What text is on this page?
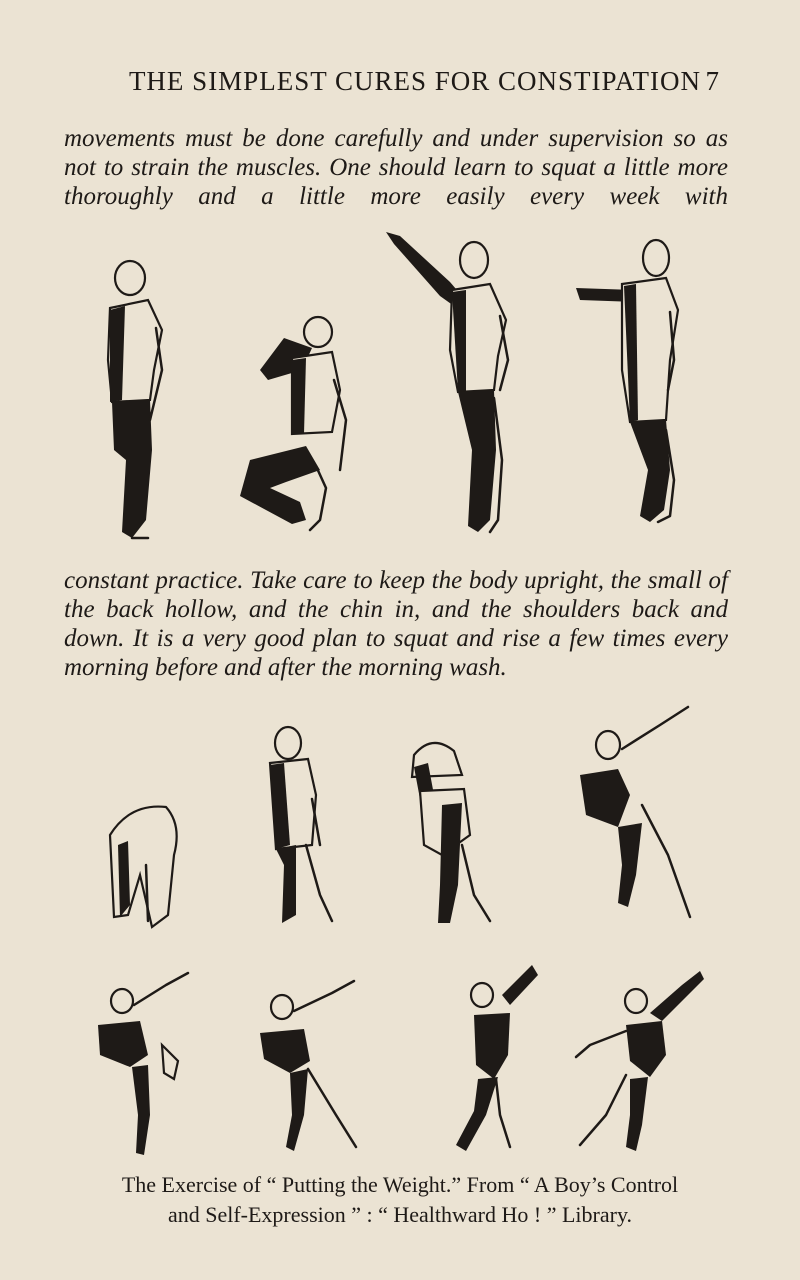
THE SIMPLEST CURES FOR CONSTIPATION 7
movements must be done carefully and under supervision so as not to strain the muscles. One should learn to squat a little more thoroughly and a little more easily every week with
constant practice. Take care to keep the body upright, the small of the back hollow, and the chin in, and the shoulders back and down. It is a very good plan to squat and rise a few times every morning before and after the morning wash.
The Exercise of “ Putting the Weight.” From “ A Boy’s Control
and Self-Expression ” : “ Healthward Ho ! ” Library.
